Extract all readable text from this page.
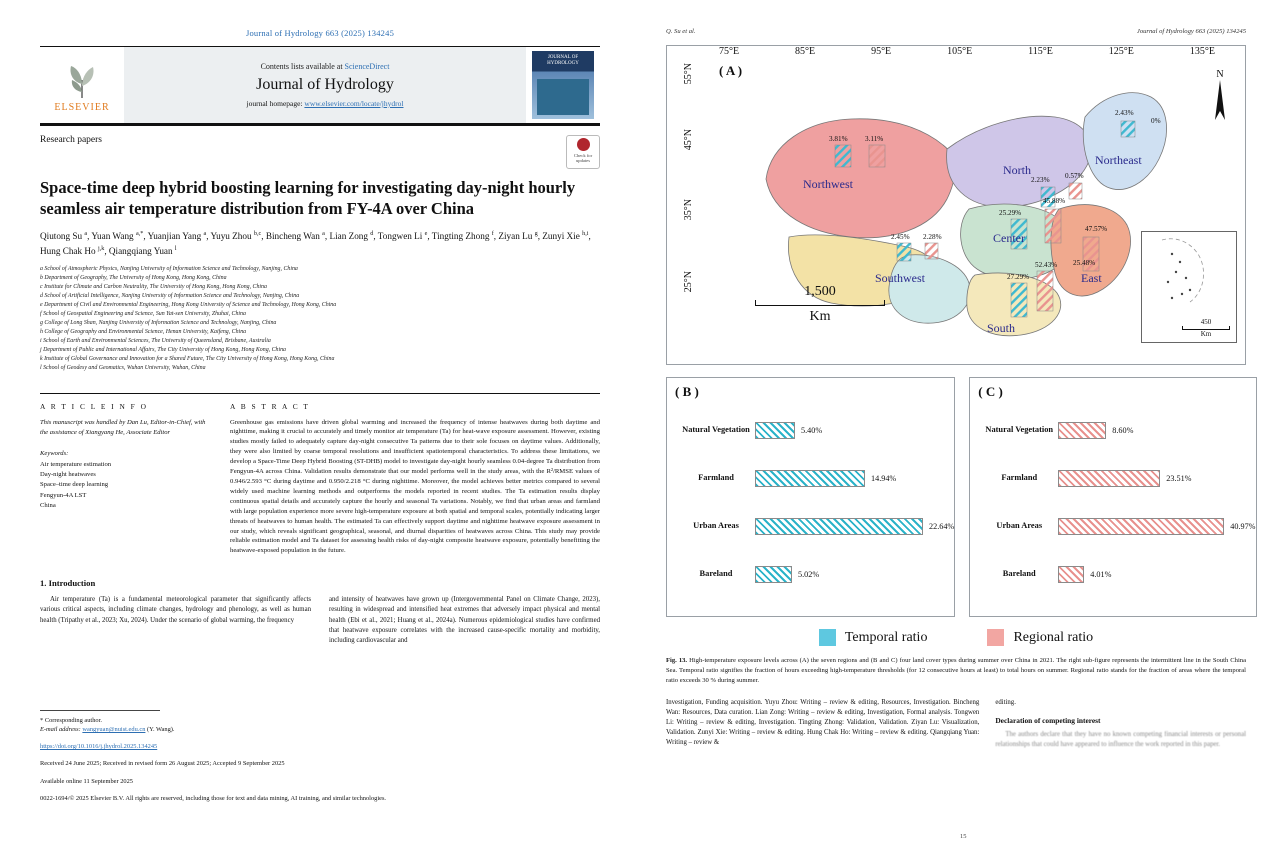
Journal of Hydrology 663 (2025) 134245
ELSEVIER
Contents lists available at ScienceDirect
Journal of Hydrology
journal homepage: www.elsevier.com/locate/jhydrol
JOURNAL OF HYDROLOGY
Research papers
Check for updates
Space-time deep hybrid boosting learning for investigating day-night hourly seamless air temperature distribution from FY-4A over China
Qiutong Su $^a$, Yuan Wang $^{a,*}$, Yuanjian Yang $^a$, Yuyu Zhou $^{b,c}$, Bincheng Wan $^a$, Lian Zong $^d$, Tongwen Li $^e$, Tingting Zhong $^f$, Ziyan Lu $^g$, Zunyi Xie $^{h,i}$, Hung Chak Ho $^{j,k}$, Qiangqiang Yuan $^l$
a School of Atmospheric Physics, Nanjing University of Information Science and Technology, Nanjing, China
b Department of Geography, The University of Hong Kong, Hong Kong, China
c Institute for Climate and Carbon Neutrality, The University of Hong Kong, Hong Kong, China
d School of Artificial Intelligence, Nanjing University of Information Science and Technology, Nanjing, China
e Department of Civil and Environmental Engineering, Hong Kong University of Science and Technology, Hong Kong, China
f School of Geospatial Engineering and Science, Sun Yat-sen University, Zhuhai, China
g College of Long Shan, Nanjing University of Information Science and Technology, Nanjing, China
h College of Geography and Environmental Science, Henan University, Kaifeng, China
i School of Earth and Environmental Sciences, The University of Queensland, Brisbane, Australia
j Department of Public and International Affairs, The City University of Hong Kong, Hong Kong, China
k Institute of Global Governance and Innovation for a Shared Future, The City University of Hong Kong, Hong Kong, China
l School of Geodesy and Geomatics, Wuhan University, Wuhan, China
A R T I C L E I N F O
This manuscript was handled by Dan Lu, Editor-in-Chief, with the assistance of Xiangyang He, Associate Editor
Keywords:
Air temperature estimation
Day-night heatwaves
Space–time deep learning
Fengyun-4A LST
China
A B S T R A C T
Greenhouse gas emissions have driven global warming and increased the frequency of intense heatwaves during both daytime and nighttime, making it crucial to accurately and timely monitor air temperature (Ta) for heat-wave exposure assessment. However, existing studies mostly failed to adequately capture day-night consecutive Ta patterns due to their sole focuses on daytime values. Additionally, they were also limited by coarse temporal resolutions and insufficient spatiotemporal characteristics. To address these limitations, we develop a Space-Time Deep Hybrid Boosting (ST-DHB) model to investigate day-night hourly seamless 0.04-degree Ta distribution from Fengyun-4A across China. Validation results demonstrate that our model performs well in the study areas, with the R²/RMSE values of 0.946/2.593 °C during daytime and 0.950/2.218 °C during nighttime. Moreover, the model achieves better metrics compared to several widely used machine learning methods and outperforms the models reported in recent studies. The Ta estimation results display continuous spatial details and accurately capture the hourly and seasonal Ta variations. Notably, we find that urban areas and farmland with large population experience more severe high-temperature exposure at both spatial and temporal scales, potentially indicating larger threats of heatwaves to human health. The estimated Ta can effectively support daytime and nighttime heatwave exposure assessment in our study, which reveals significant geographical, seasonal, and diurnal disparities of heatwaves across China. This study may provide reliable estimation model and Ta dataset for assessing health risks of day-night composite heatwave exposure, potentially benefitting the heatwave-exposed population in the future.
1. Introduction

Air temperature (Ta) is a fundamental meteorological parameter that significantly affects various critical aspects, including climate changes, hydrology and phenology, as well as human health (Tripathy et al., 2023; Xu, 2024). Under the scenario of global warming, the frequency

and intensity of heatwaves have grown up (Intergovernmental Panel on Climate Change, 2023), resulting in widespread and intensified heat extremes that adversely impact physical and mental health (Ebi et al., 2021; Huang et al., 2024a). Numerous epidemiological studies have confirmed that heatwave exposure correlates with the increased cause-specific mortality and morbidity, including cardiovascular and

* Corresponding author.
E-mail address: wangyuan@nuist.edu.cn (Y. Wang).
https://doi.org/10.1016/j.jhydrol.2025.134245
Received 24 June 2025; Received in revised form 26 August 2025; Accepted 9 September 2025
Available online 11 September 2025
0022-1694/© 2025 Elsevier B.V. All rights are reserved, including those for text and data mining, AI training, and similar technologies.
Q. Su et al.	Journal of Hydrology 663 (2025) 134245
75°E	85°E	95°E	105°E	115°E	125°E	135°E
55°N
45°N
35°N
25°N
( A )	N
Northwest
North
Northeast
Center
East
Southwest
South
3.81% 3.11%
2.23% 0.57%
2.43%
0%
25.29%
45.88%
47.57%
25.48%
2.45% 2.28%
27.29%
52.43%
1,500
Km	450
Km
( B )
Natural Vegetation	5.40%
Farmland	14.94%
Urban Areas	22.64%
Bareland	5.02%
( C )
Natural Vegetation	8.60%
Farmland	23.51%
Urban Areas	40.97%
Bareland	4.01%
Temporal ratio	Regional ratio
Fig. 13. High-temperature exposure levels across (A) the seven regions and (B and C) four land cover types during summer over China in 2021. The right sub-figure represents the intermittent line in the South China Sea. Temporal ratio signifies the fraction of hours exceeding high-temperature thresholds (for 12 consecutive hours at least) to total hours on summer. Regional ratio stands for the fraction of areas where the temporal ratio exceeds 30 % during summer.

Investigation, Funding acquisition. Yuyu Zhou: Writing – review & editing, Resources, Investigation. Bincheng Wan: Resources, Data curation. Lian Zong: Writing – review & editing, Investigation, Formal analysis. Tongwen Li: Writing – review & editing, Investigation. Tingting Zhong: Validation, Validation. Ziyan Lu: Visualization, Validation. Zunyi Xie: Writing – review & editing. Hung Chak Ho: Writing – review & editing. Qiangqiang Yuan: Writing – review &

editing.

Declaration of competing interest

The authors declare that they have no known competing financial interests or personal relationships that could have appeared to influence the work reported in this paper.

15
